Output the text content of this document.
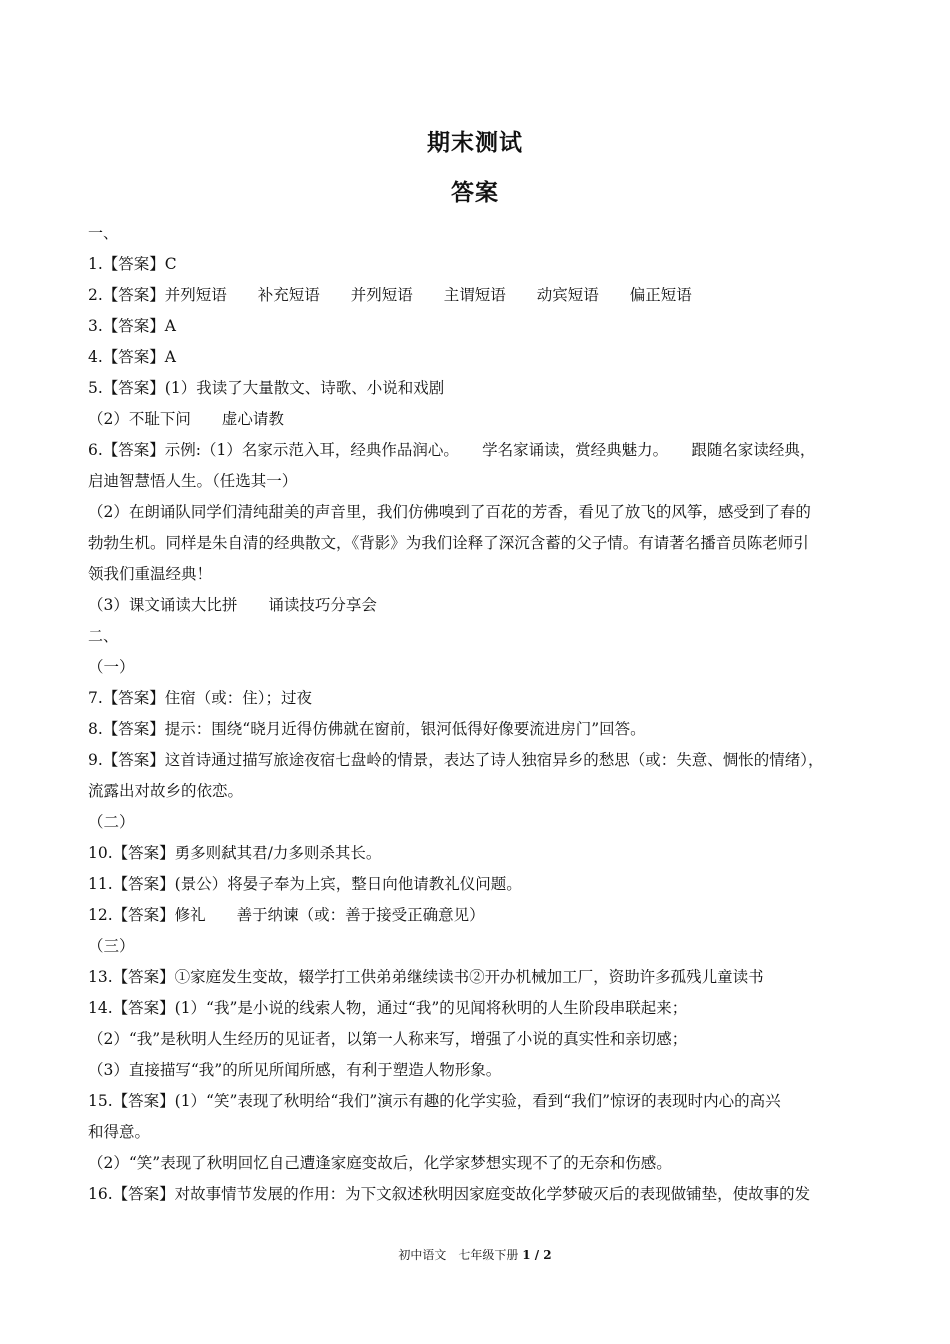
期末测试
答案
一、
1.【答案】C
2.【答案】并列短语　　补充短语　　并列短语　　主谓短语　　动宾短语　　偏正短语
3.【答案】A
4.【答案】A
5.【答案】(1）我读了大量散文、诗歌、小说和戏剧
（2）不耻下问　　虚心请教
6.【答案】示例:（1）名家示范入耳，经典作品润心。　　学名家诵读，赏经典魅力。　　跟随名家读经典，
启迪智慧悟人生。（任选其一）
（2）在朗诵队同学们清纯甜美的声音里，我们仿佛嗅到了百花的芳香，看见了放飞的风筝，感受到了春的
勃勃生机。同样是朱自清的经典散文，《背影》为我们诠释了深沉含蓄的父子情。有请著名播音员陈老师引
领我们重温经典！
（3）课文诵读大比拼　　诵读技巧分享会
二、
（一）
7.【答案】住宿（或：住）；过夜
8.【答案】提示：围绕“晓月近得仿佛就在窗前，银河低得好像要流进房门”回答。
9.【答案】这首诗通过描写旅途夜宿七盘岭的情景，表达了诗人独宿异乡的愁思（或：失意、惆怅的情绪），
流露出对故乡的依恋。
（二）
10.【答案】勇多则弑其君/力多则杀其长。
11.【答案】(景公）将晏子奉为上宾，整日向他请教礼仪问题。
12.【答案】修礼　　善于纳谏（或：善于接受正确意见）
（三）
13.【答案】①家庭发生变故，辍学打工供弟弟继续读书②开办机械加工厂，资助许多孤残儿童读书
14.【答案】(1）“我”是小说的线索人物，通过“我”的见闻将秋明的人生阶段串联起来；
（2）“我”是秋明人生经历的见证者，以第一人称来写，增强了小说的真实性和亲切感；
（3）直接描写“我”的所见所闻所感，有利于塑造人物形象。
15.【答案】(1）“笑”表现了秋明给“我们”演示有趣的化学实验，看到“我们”惊讶的表现时内心的高兴
和得意。
（2）“笑”表现了秋明回忆自己遭逢家庭变故后，化学家梦想实现不了的无奈和伤感。
16.【答案】对故事情节发展的作用：为下文叙述秋明因家庭变故化学梦破灭后的表现做铺垫，使故事的发
初中语文　七年级下册 1 / 2
